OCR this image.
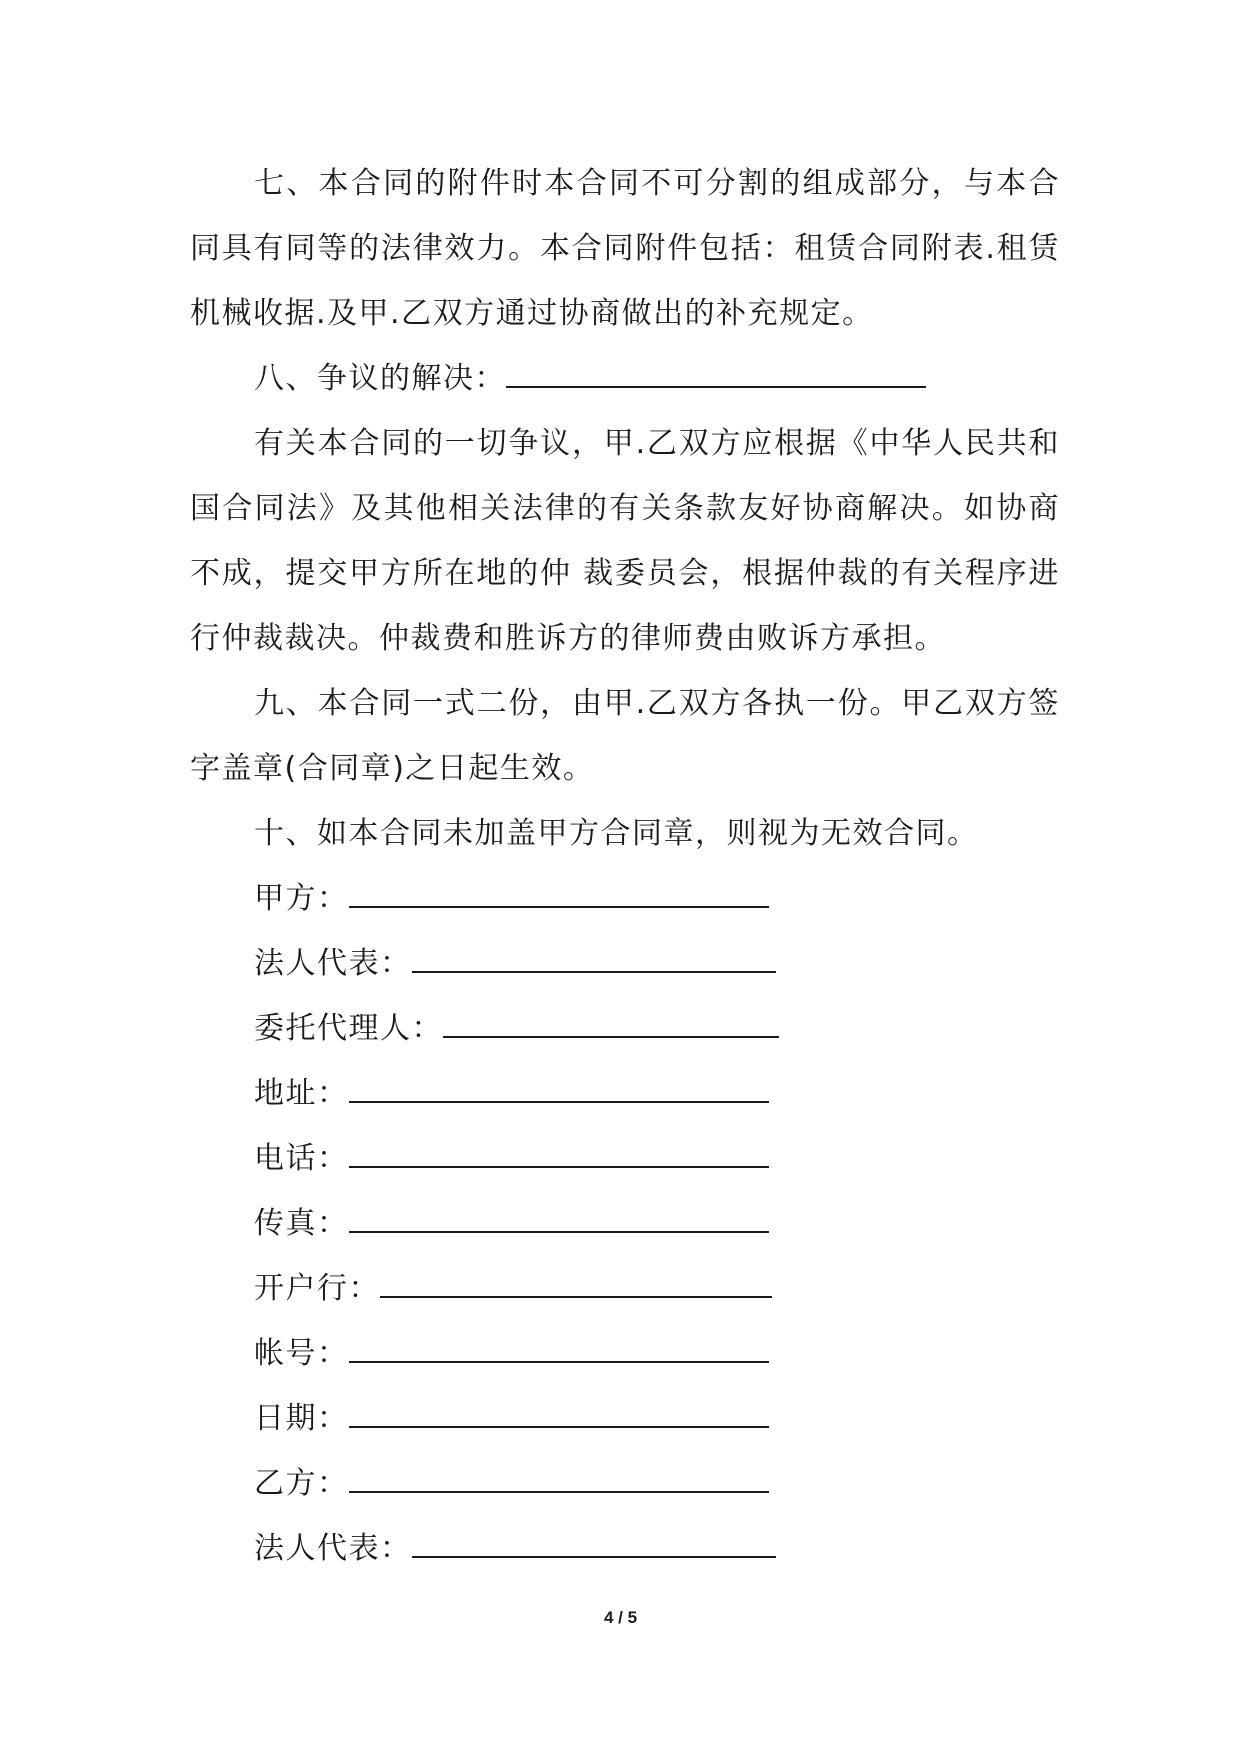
七、本合同的附件时本合同不可分割的组成部分，与本合同具有同等的法律效力。本合同附件包括：租赁合同附表.租赁机械收据.及甲.乙双方通过协商做出的补充规定。

八、争议的解决：

有关本合同的一切争议，甲.乙双方应根据《中华人民共和国合同法》及其他相关法律的有关条款友好协商解决。如协商不成，提交甲方所在地的仲 裁委员会，根据仲裁的有关程序进行仲裁裁决。仲裁费和胜诉方的律师费由败诉方承担。

九、本合同一式二份，由甲.乙双方各执一份。甲乙双方签字盖章(合同章)之日起生效。

十、如本合同未加盖甲方合同章，则视为无效合同。

甲方：

法人代表：

委托代理人：

地址：

电话：

传真：

开户行：

帐号：

日期：

乙方：

法人代表：

4 / 5
